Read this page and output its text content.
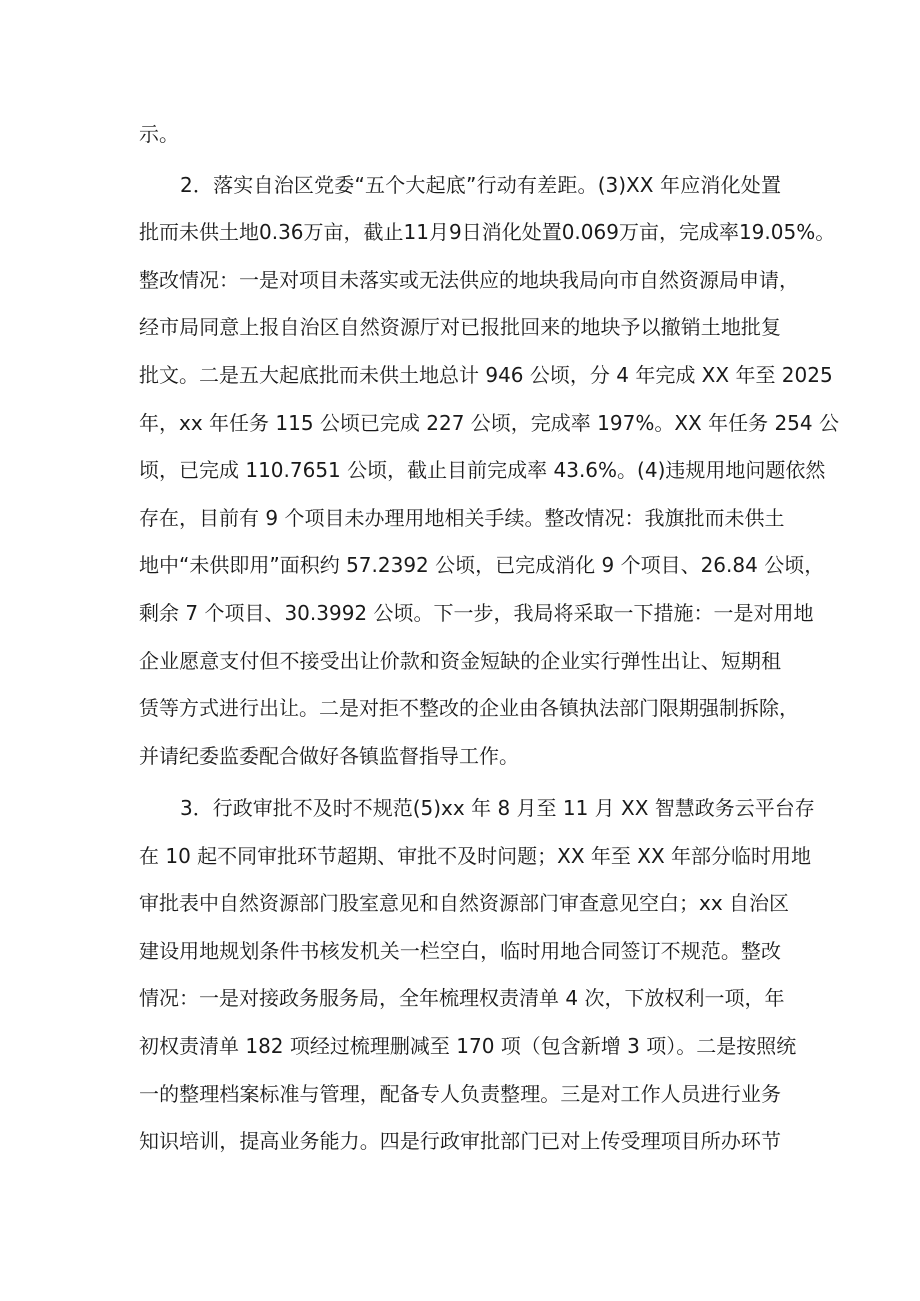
示。
2．落实自治区党委“五个大起底”行动有差距。(3)XX 年应消化处置
批而未供土地0.36万亩，截止11月9日消化处置0.069万亩，完成率19.05%。
整改情况：一是对项目未落实或无法供应的地块我局向市自然资源局申请，
经市局同意上报自治区自然资源厅对已报批回来的地块予以撤销土地批复
批文。二是五大起底批而未供土地总计 946 公顷，分 4 年完成 XX 年至 2025
年，xx 年任务 115 公顷已完成 227 公顷，完成率 197%。XX 年任务 254 公
顷，已完成 110.7651 公顷，截止目前完成率 43.6%。(4)违规用地问题依然
存在，目前有 9 个项目未办理用地相关手续。整改情况：我旗批而未供土
地中“未供即用”面积约 57.2392 公顷，已完成消化 9 个项目、26.84 公顷，
剩余 7 个项目、30.3992 公顷。下一步，我局将采取一下措施：一是对用地
企业愿意支付但不接受出让价款和资金短缺的企业实行弹性出让、短期租
赁等方式进行出让。二是对拒不整改的企业由各镇执法部门限期强制拆除，
并请纪委监委配合做好各镇监督指导工作。
3．行政审批不及时不规范(5)xx 年 8 月至 11 月 XX 智慧政务云平台存
在 10 起不同审批环节超期、审批不及时问题；XX 年至 XX 年部分临时用地
审批表中自然资源部门股室意见和自然资源部门审查意见空白；xx 自治区
建设用地规划条件书核发机关一栏空白，临时用地合同签订不规范。整改
情况：一是对接政务服务局，全年梳理权责清单 4 次，下放权利一项，年
初权责清单 182 项经过梳理删减至 170 项（包含新增 3 项）。二是按照统
一的整理档案标准与管理，配备专人负责整理。三是对工作人员进行业务
知识培训，提高业务能力。四是行政审批部门已对上传受理项目所办环节
